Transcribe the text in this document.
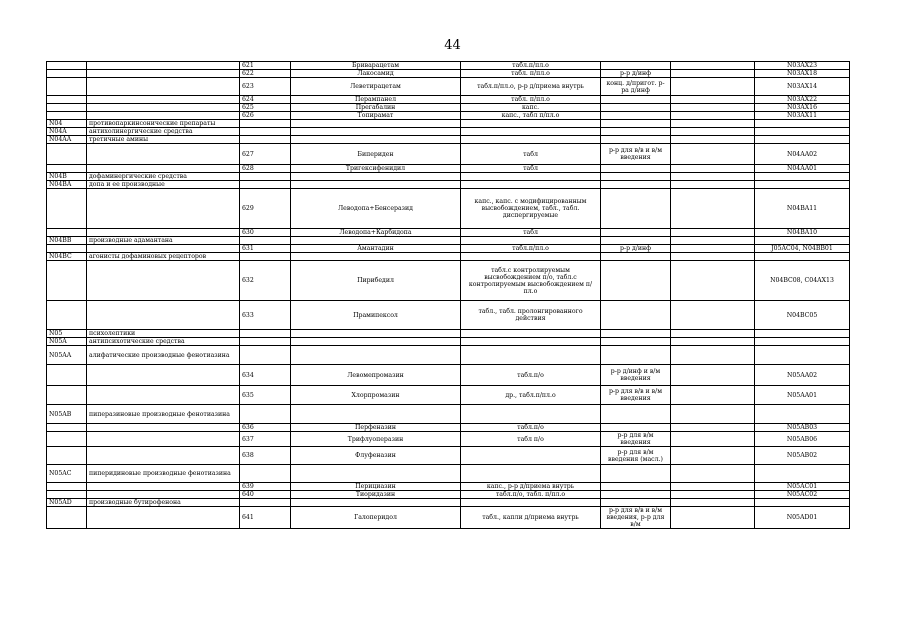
44
		621	Бриварацетам	табл.п/пл.о			N03AX23
		622	Лакосамид	табл. п/пл.о	р-р д/инф		N03AX18
		623	Леветирацетам	табл.п/пл.о, р-р д/приема внутрь	конц. д/пригот. р-ра д/инф		N03AX14
		624	Перампанел	табл. п/пл.о			N03AX22
		625	Прегабалин	капс.			N03AX16
		626	Топирамат	капс., табл п/пл.о			N03AX11
N04	противопаркинсонические препараты						
N04A	антихолинергические средства						
N04AA	третичные амины						
		627	Бипериден	табл	р-р для в/в и в/м введения		N04AA02
		628	Тригексифенидил	табл			N04AA01
N04B	дофаминергические средства						
N04BA	допа и ее производные						
		629	Леводопа+Бенсеразид	капс., капс. с модифицированным высвобождением, табл., табл. диспергируемые			N04BA11
		630	Леводопа+Карбидопа	табл			N04BA10
N04BB	производные адамантана						
		631	Амантадин	табл.п/пл.о	р-р д/инф		J05AC04, N04BB01
N04BC	агонисты дофаминовых рецепторов						
		632	Пирибедил	табл.с контролируемым высвобождением п/о, табл.с контролируемым высвобождением п/пл.о			N04BC08, C04AX13
		633	Прамипексол	табл., табл. пролонгированного действия			N04BC05
N05	психолептики						
N05A	антипсихотические средства						
N05AA	алифатические производные фенотиазина						
		634	Левомепромазин	табл.п/о	р-р д/инф и в/м введения		N05AA02
		635	Хлорпромазин	др., табл.п/пл.о	р-р для в/в и в/м введения		N05AA01
N05AB	пиперазиновые производные фенотиазина						
		636	Перфеназин	табл.п/о			N05AB03
		637	Трифлуоперазин	табл п/о	р-р для в/м введения		N05AB06
		638	Флуфеназин		р-р для в/м введения (масл.)		N05AB02
N05AC	пиперидиновые производные фенотиазина						
		639	Перициазин	капс., р-р д/приема внутрь			N05AC01
		640	Тиоридазин	табл.п/о, табл. п/пл.о			N05AC02
N05AD	производные бутирофенона						
		641	Галоперидол	табл., капли д/приема внутрь	р-р для в/в и в/м введения, р-р для в/м		N05AD01
